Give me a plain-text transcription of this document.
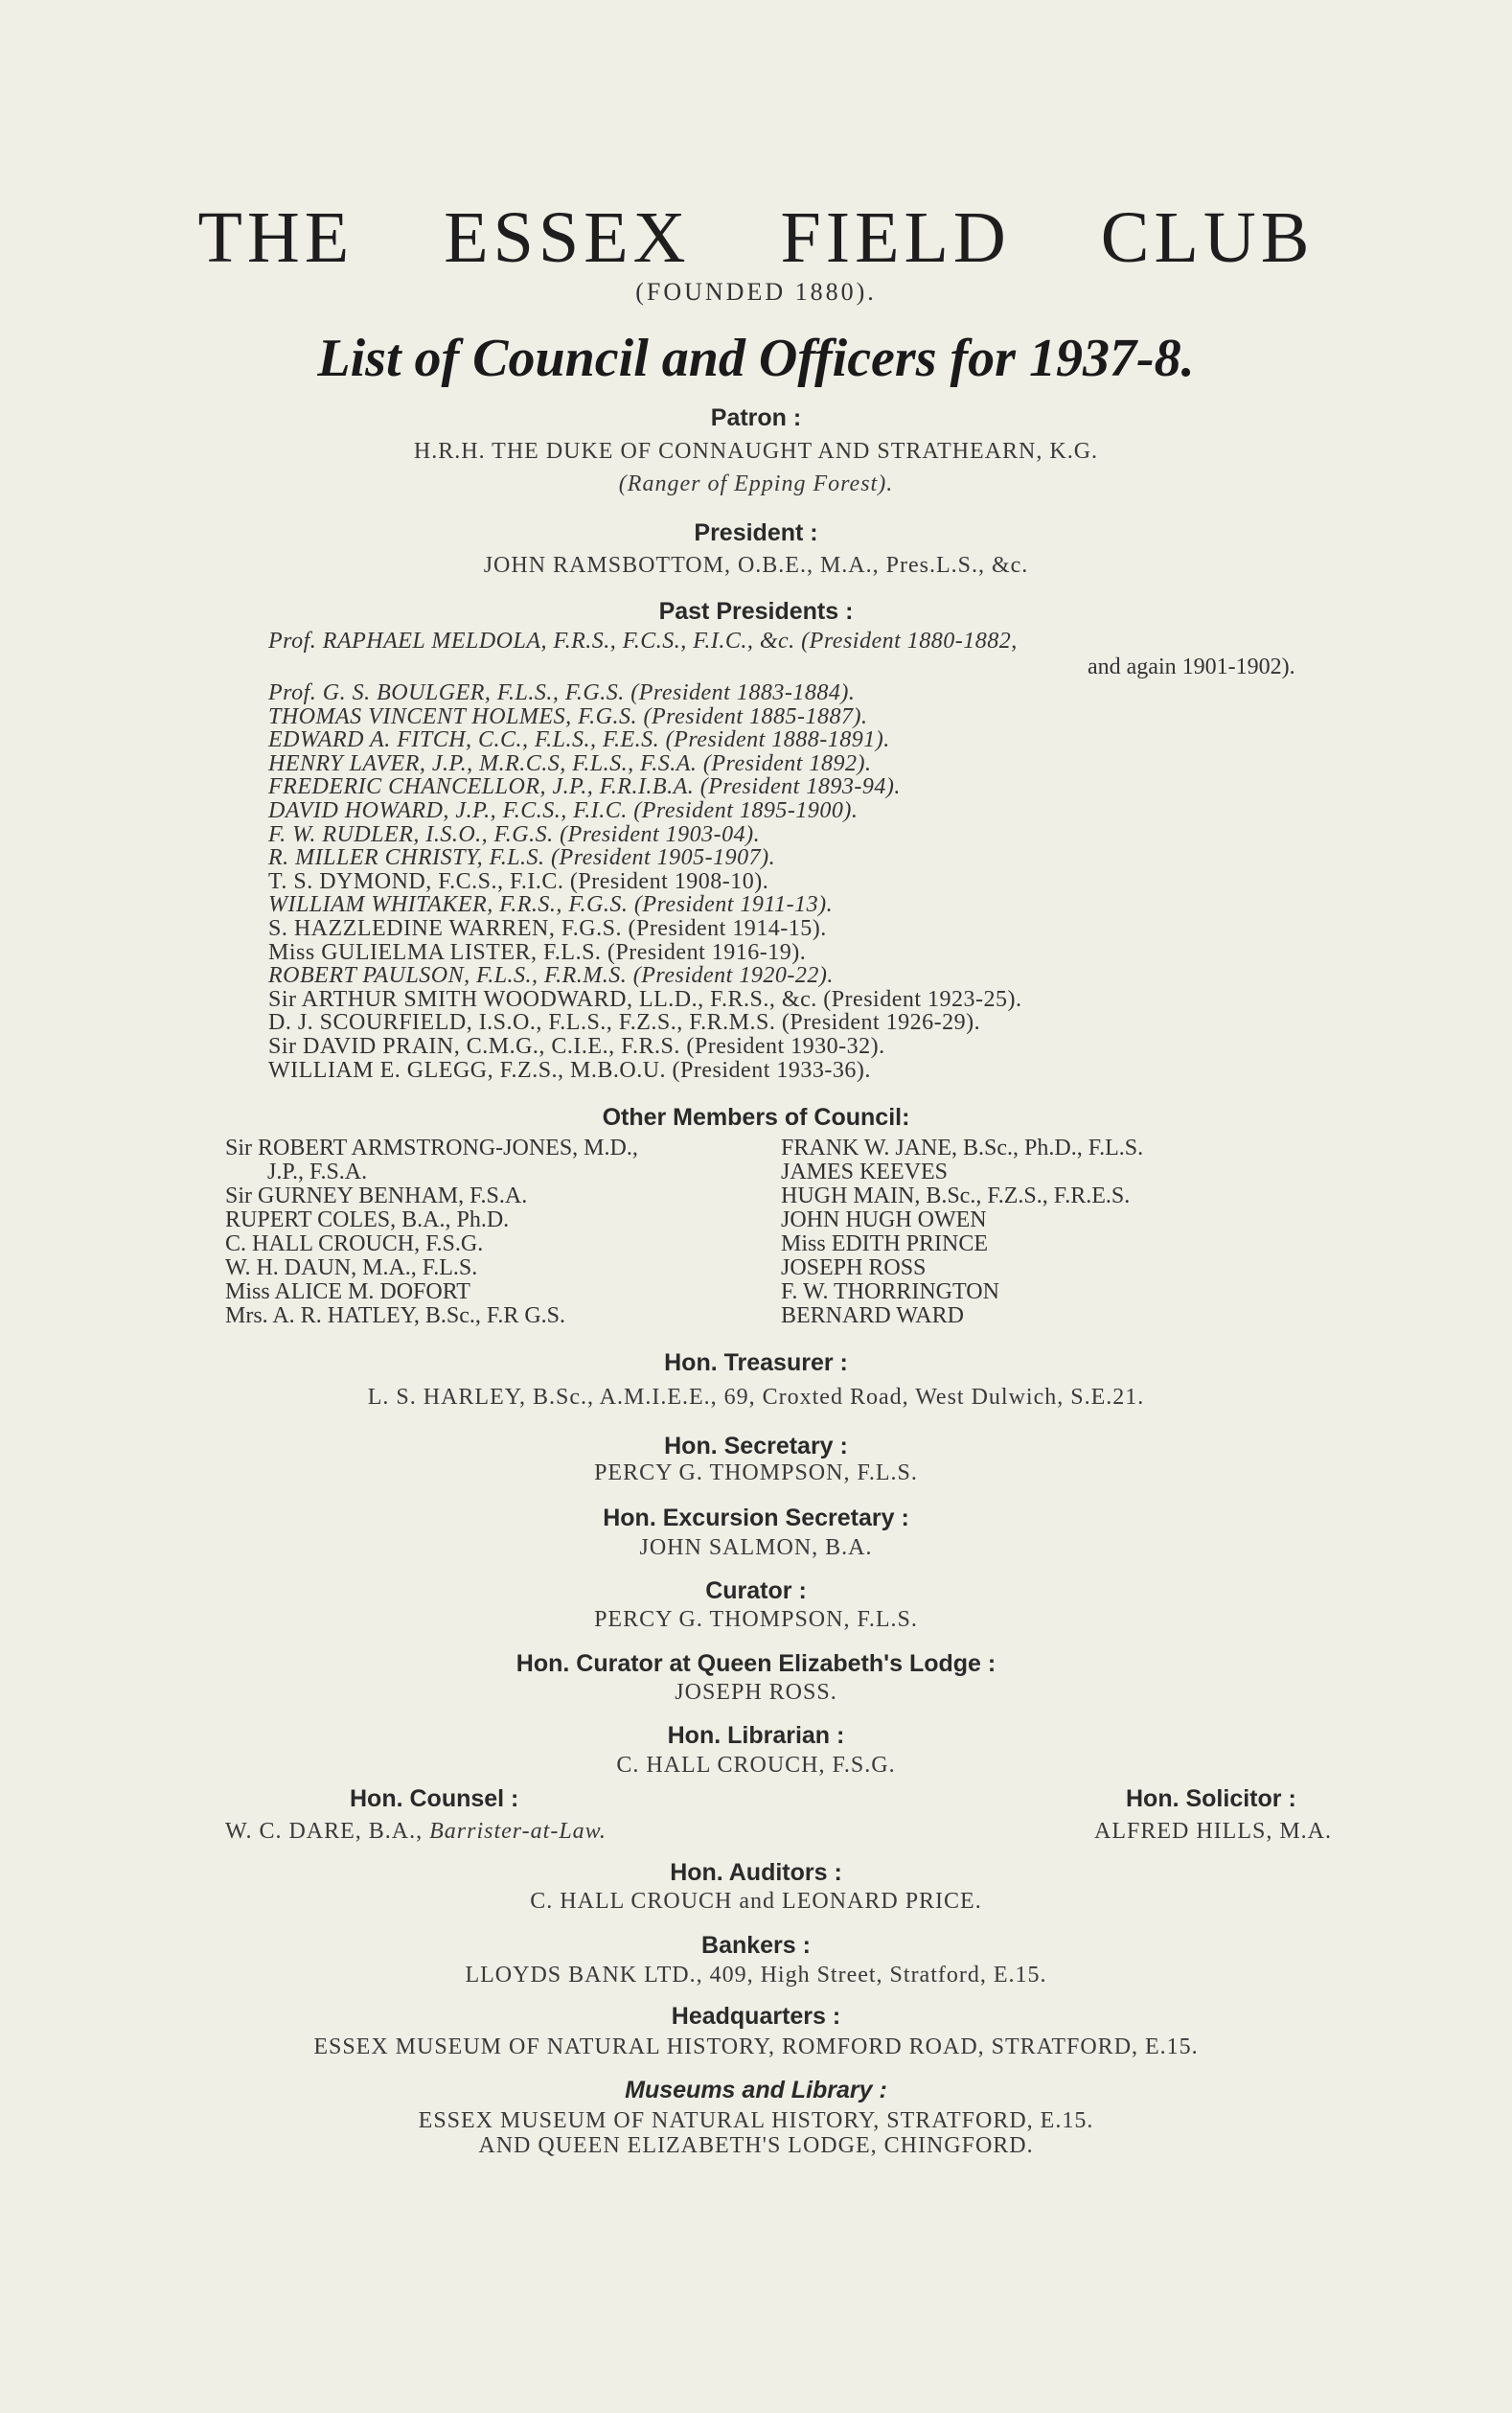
THE ESSEX FIELD CLUB
(FOUNDED 1880).
List of Council and Officers for 1937-8.
Patron :
H.R.H. THE DUKE OF CONNAUGHT AND STRATHEARN, K.G.
(Ranger of Epping Forest).
President :
JOHN RAMSBOTTOM, O.B.E., M.A., Pres.L.S., &c.
Past Presidents :
Prof. RAPHAEL MELDOLA, F.R.S., F.C.S., F.I.C., &c. (President 1880-1882,
and again 1901-1902).
Prof. G. S. BOULGER, F.L.S., F.G.S. (President 1883-1884).
THOMAS VINCENT HOLMES, F.G.S. (President 1885-1887).
EDWARD A. FITCH, C.C., F.L.S., F.E.S. (President 1888-1891).
HENRY LAVER, J.P., M.R.C.S, F.L.S., F.S.A. (President 1892).
FREDERIC CHANCELLOR, J.P., F.R.I.B.A. (President 1893-94).
DAVID HOWARD, J.P., F.C.S., F.I.C. (President 1895-1900).
F. W. RUDLER, I.S.O., F.G.S. (President 1903-04).
R. MILLER CHRISTY, F.L.S. (President 1905-1907).
T. S. DYMOND, F.C.S., F.I.C. (President 1908-10).
WILLIAM WHITAKER, F.R.S., F.G.S. (President 1911-13).
S. HAZZLEDINE WARREN, F.G.S. (President 1914-15).
Miss GULIELMA LISTER, F.L.S. (President 1916-19).
ROBERT PAULSON, F.L.S., F.R.M.S. (President 1920-22).
Sir ARTHUR SMITH WOODWARD, LL.D., F.R.S., &c. (President 1923-25).
D. J. SCOURFIELD, I.S.O., F.L.S., F.Z.S., F.R.M.S. (President 1926-29).
Sir DAVID PRAIN, C.M.G., C.I.E., F.R.S. (President 1930-32).
WILLIAM E. GLEGG, F.Z.S., M.B.O.U. (President 1933-36).
Other Members of Council:
Sir ROBERT ARMSTRONG-JONES, M.D.,
J.P., F.S.A.
Sir GURNEY BENHAM, F.S.A.
RUPERT COLES, B.A., Ph.D.
C. HALL CROUCH, F.S.G.
W. H. DAUN, M.A., F.L.S.
Miss ALICE M. DOFORT
Mrs. A. R. HATLEY, B.Sc., F.R G.S.
FRANK W. JANE, B.Sc., Ph.D., F.L.S.
JAMES KEEVES
HUGH MAIN, B.Sc., F.Z.S., F.R.E.S.
JOHN HUGH OWEN
Miss EDITH PRINCE
JOSEPH ROSS
F. W. THORRINGTON
BERNARD WARD
Hon. Treasurer :
L. S. HARLEY, B.Sc., A.M.I.E.E., 69, Croxted Road, West Dulwich, S.E.21.
Hon. Secretary :
PERCY G. THOMPSON, F.L.S.
Hon. Excursion Secretary :
JOHN SALMON, B.A.
Curator :
PERCY G. THOMPSON, F.L.S.
Hon. Curator at Queen Elizabeth's Lodge :
JOSEPH ROSS.
Hon. Librarian :
C. HALL CROUCH, F.S.G.
Hon. Counsel :
W. C. DARE, B.A., Barrister-at-Law.
Hon. Solicitor :
ALFRED HILLS, M.A.
Hon. Auditors :
C. HALL CROUCH and LEONARD PRICE.
Bankers :
LLOYDS BANK LTD., 409, High Street, Stratford, E.15.
Headquarters :
ESSEX MUSEUM OF NATURAL HISTORY, ROMFORD ROAD, STRATFORD, E.15.
Museums and Library :
ESSEX MUSEUM OF NATURAL HISTORY, STRATFORD, E.15.
AND QUEEN ELIZABETH'S LODGE, CHINGFORD.
